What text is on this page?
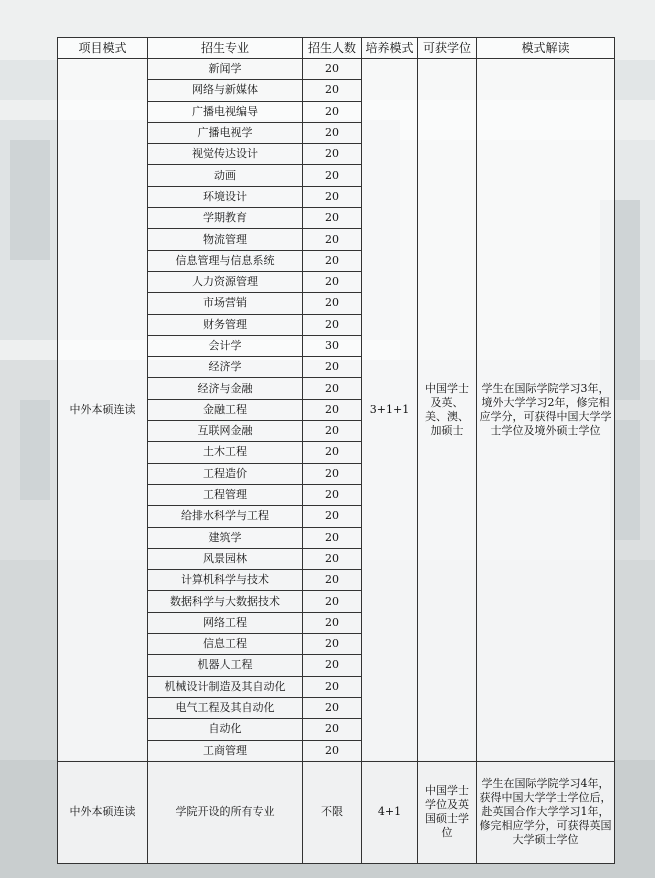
项目模式	招生专业	招生人数	培养模式	可获学位	模式解读
中外本硕连读	新闻学	20	3+1+1	中国学士及英、美、澳、加硕士	学生在国际学院学习3年，境外大学学习2年，修完相应学分，可获得中国大学学士学位及境外硕士学位
	网络与新媒体	20			
	广播电视编导	20			
	广播电视学	20			
	视觉传达设计	20			
	动画	20			
	环境设计	20			
	学期教育	20			
	物流管理	20			
	信息管理与信息系统	20			
	人力资源管理	20			
	市场营销	20			
	财务管理	20			
	会计学	30			
	经济学	20			
	经济与金融	20			
	金融工程	20			
	互联网金融	20			
	土木工程	20			
	工程造价	20			
	工程管理	20			
	给排水科学与工程	20			
	建筑学	20			
	风景园林	20			
	计算机科学与技术	20			
	数据科学与大数据技术	20			
	网络工程	20			
	信息工程	20			
	机器人工程	20			
	机械设计制造及其自动化	20			
	电气工程及其自动化	20			
	自动化	20			
	工商管理	20			
中外本硕连读	学院开设的所有专业	不限	4+1	中国学士学位及英国硕士学位	学生在国际学院学习4年，获得中国大学学士学位后，赴英国合作大学学习1年，修完相应学分，可获得英国大学硕士学位
